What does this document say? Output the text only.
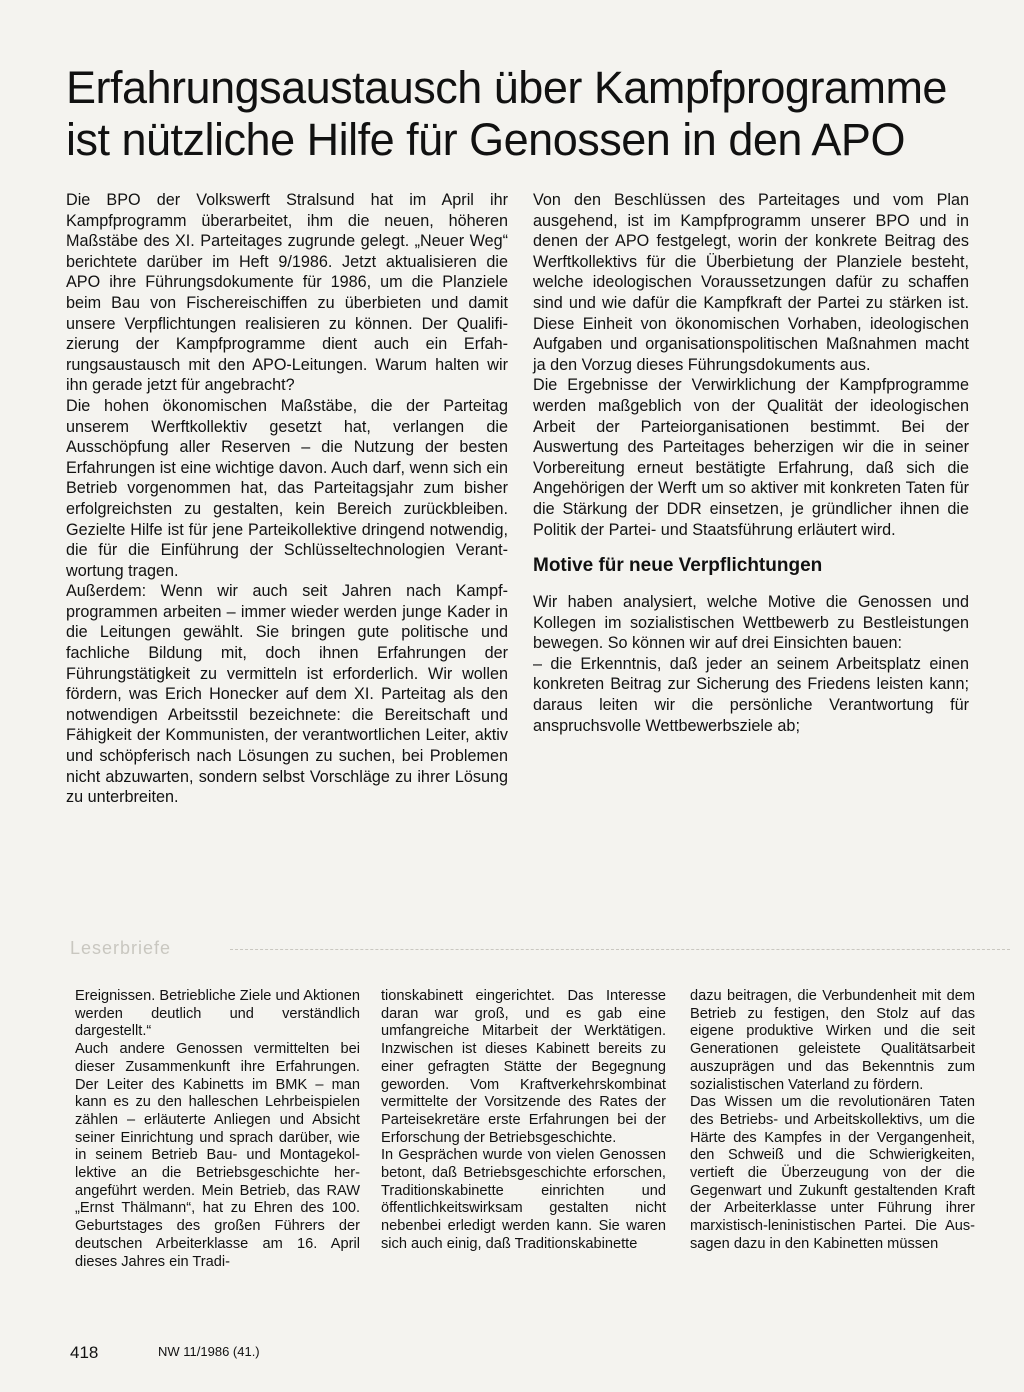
Erfahrungsaustausch über Kampfprogramme
ist nützliche Hilfe für Genossen in den APO

Die BPO der Volkswerft Stralsund hat im April ihr Kampfprogramm überarbeitet, ihm die neuen, höheren Maßstäbe des XI. Parteitages zugrunde gelegt. „Neuer Weg“ berichtete darüber im Heft 9/1986. Jetzt aktualisieren die APO ihre Führungsdokumente für 1986, um die Planziele beim Bau von Fischereischiffen zu überbieten und damit unsere Verpflichtungen realisieren zu können. Der Qualifizierung der Kampfprogramme dient auch ein Erfahrungsaustausch mit den APO-Leitungen. Warum halten wir ihn gerade jetzt für angebracht?

Die hohen ökonomischen Maßstäbe, die der Parteitag unserem Werftkollektiv gesetzt hat, verlangen die Ausschöpfung aller Reserven – die Nutzung der besten Erfahrungen ist eine wichtige davon. Auch darf, wenn sich ein Betrieb vorgenommen hat, das Parteitagsjahr zum bisher erfolgreichsten zu gestalten, kein Bereich zurückbleiben. Gezielte Hilfe ist für jene Parteikollektive dringend notwendig, die für die Einführung der Schlüsseltechnologien Verantwortung tragen.

Außerdem: Wenn wir auch seit Jahren nach Kampfprogrammen arbeiten – immer wieder werden junge Kader in die Leitungen gewählt. Sie bringen gute politische und fachliche Bildung mit, doch ihnen Erfahrungen der Führungstätigkeit zu vermitteln ist erforderlich. Wir wollen fördern, was Erich Honecker auf dem XI. Parteitag als den notwendigen Arbeitsstil bezeichnete: die Bereitschaft und Fähigkeit der Kommunisten, der verantwortlichen Leiter, aktiv und schöpferisch nach Lösungen zu suchen, bei Problemen nicht abzuwarten, sondern selbst Vorschläge zu ihrer Lösung zu unterbreiten.

Von den Beschlüssen des Parteitages und vom Plan ausgehend, ist im Kampfprogramm unserer BPO und in denen der APO festgelegt, worin der konkrete Beitrag des Werftkollektivs für die Überbietung der Planziele besteht, welche ideologischen Voraussetzungen dafür zu schaffen sind und wie dafür die Kampfkraft der Partei zu stärken ist. Diese Einheit von ökonomischen Vorhaben, ideologischen Aufgaben und organisationspolitischen Maßnahmen macht ja den Vorzug dieses Führungsdokuments aus.

Die Ergebnisse der Verwirklichung der Kampfprogramme werden maßgeblich von der Qualität der ideologischen Arbeit der Parteiorganisationen bestimmt. Bei der Auswertung des Parteitages beherzigen wir die in seiner Vorbereitung erneut bestätigte Erfahrung, daß sich die Angehörigen der Werft um so aktiver mit konkreten Taten für die Stärkung der DDR einsetzen, je gründlicher ihnen die Politik der Partei- und Staatsführung erläutert wird.

Motive für neue Verpflichtungen

Wir haben analysiert, welche Motive die Genossen und Kollegen im sozialistischen Wettbewerb zu Bestleistungen bewegen. So können wir auf drei Einsichten bauen:

– die Erkenntnis, daß jeder an seinem Arbeitsplatz einen konkreten Beitrag zur Sicherung des Friedens leisten kann; daraus leiten wir die persönliche Verantwortung für anspruchsvolle Wettbewerbsziele ab;

Leserbriefe

Ereignissen. Betriebliche Ziele und Aktionen werden deutlich und verständlich dargestellt.“

Auch andere Genossen vermittelten bei dieser Zusammenkunft ihre Erfahrungen. Der Leiter des Kabinetts im BMK – man kann es zu den halleschen Lehrbeispielen zählen – erläuterte Anliegen und Absicht seiner Einrichtung und sprach darüber, wie in seinem Betrieb Bau- und Montagekollektive an die Betriebsgeschichte herangeführt werden. Mein Betrieb, das RAW „Ernst Thälmann“, hat zu Ehren des 100. Geburtstages des großen Führers der deutschen Arbeiterklasse am 16. April dieses Jahres ein Tradi-

tionskabinett eingerichtet. Das Interesse daran war groß, und es gab eine umfangreiche Mitarbeit der Werktätigen. Inzwischen ist dieses Kabinett bereits zu einer gefragten Stätte der Begegnung geworden. Vom Kraftverkehrskombinat vermittelte der Vorsitzende des Rates der Parteisekretäre erste Erfahrungen bei der Erforschung der Betriebsgeschichte.

In Gesprächen wurde von vielen Genossen betont, daß Betriebsgeschichte erforschen, Traditionskabinette einrichten und öffentlichkeitswirksam gestalten nicht nebenbei erledigt werden kann. Sie waren sich auch einig, daß Traditionskabinette

dazu beitragen, die Verbundenheit mit dem Betrieb zu festigen, den Stolz auf das eigene produktive Wirken und die seit Generationen geleistete Qualitätsarbeit auszuprägen und das Bekenntnis zum sozialistischen Vaterland zu fördern.

Das Wissen um die revolutionären Taten des Betriebs- und Arbeitskollektivs, um die Härte des Kampfes in der Vergangenheit, den Schweiß und die Schwierigkeiten, vertieft die Überzeugung von der die Gegenwart und Zukunft gestaltenden Kraft der Arbeiterklasse unter Führung ihrer marxistisch-leninistischen Partei. Die Aussagen dazu in den Kabinetten müssen

418	NW 11/1986 (41.)
